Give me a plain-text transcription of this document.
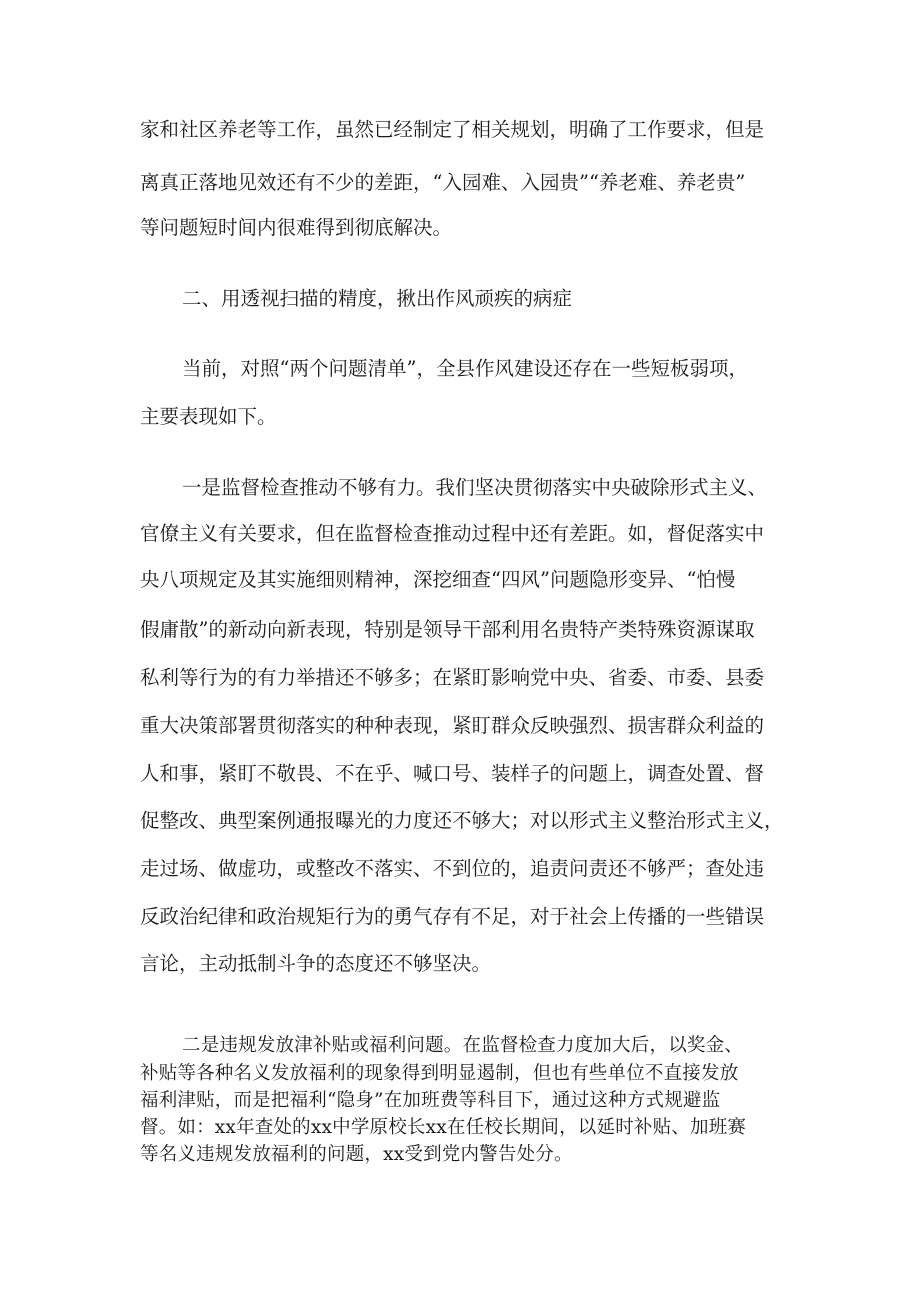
家和社区养老等工作，虽然已经制定了相关规划，明确了工作要求，但是
离真正落地见效还有不少的差距，“入园难、入园贵”“养老难、养老贵”
等问题短时间内很难得到彻底解决。
二、用透视扫描的精度，揪出作风顽疾的病症
当前，对照“两个问题清单”，全县作风建设还存在一些短板弱项，
主要表现如下。
一是监督检查推动不够有力。我们坚决贯彻落实中央破除形式主义、
官僚主义有关要求，但在监督检查推动过程中还有差距。如，督促落实中
央八项规定及其实施细则精神，深挖细查“四风”问题隐形变异、“怕慢
假庸散”的新动向新表现，特别是领导干部利用名贵特产类特殊资源谋取
私利等行为的有力举措还不够多；在紧盯影响党中央、省委、市委、县委
重大决策部署贯彻落实的种种表现，紧盯群众反映强烈、损害群众利益的
人和事，紧盯不敬畏、不在乎、喊口号、装样子的问题上，调查处置、督
促整改、典型案例通报曝光的力度还不够大；对以形式主义整治形式主义，
走过场、做虚功，或整改不落实、不到位的，追责问责还不够严；查处违
反政治纪律和政治规矩行为的勇气存有不足，对于社会上传播的一些错误
言论，主动抵制斗争的态度还不够坚决。
二是违规发放津补贴或福利问题。在监督检查力度加大后，以奖金、
补贴等各种名义发放福利的现象得到明显遏制，但也有些单位不直接发放
福利津贴，而是把福利“隐身”在加班费等科目下，通过这种方式规避监
督。如：xx年查处的xx中学原校长xx在任校长期间，以延时补贴、加班赛
等名义违规发放福利的问题，xx受到党内警告处分。
